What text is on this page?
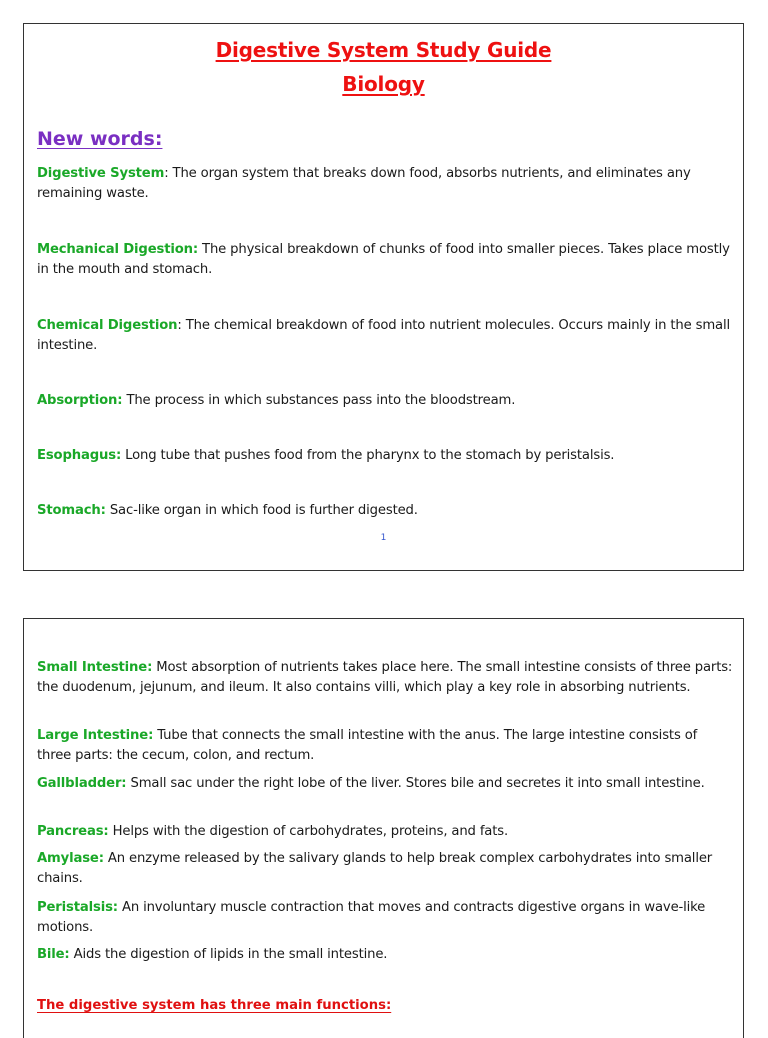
Digestive System Study Guide
Biology
New words:

Digestive System: The organ system that breaks down food, absorbs nutrients, and eliminates any remaining waste.

Mechanical Digestion: The physical breakdown of chunks of food into smaller pieces. Takes place mostly in the mouth and stomach.

Chemical Digestion: The chemical breakdown of food into nutrient molecules. Occurs mainly in the small intestine.

Absorption: The process in which substances pass into the bloodstream.

Esophagus: Long tube that pushes food from the pharynx to the stomach by peristalsis.

Stomach: Sac-like organ in which food is further digested.

1

Small Intestine: Most absorption of nutrients takes place here. The small intestine consists of three parts: the duodenum, jejunum, and ileum. It also contains villi, which play a key role in absorbing nutrients.

Large Intestine: Tube that connects the small intestine with the anus. The large intestine consists of three parts: the cecum, colon, and rectum.

Gallbladder: Small sac under the right lobe of the liver. Stores bile and secretes it into small intestine.

Pancreas: Helps with the digestion of carbohydrates, proteins, and fats.

Amylase: An enzyme released by the salivary glands to help break complex carbohydrates into smaller chains.

Peristalsis: An involuntary muscle contraction that moves and contracts digestive organs in wave-like motions.

Bile: Aids the digestion of lipids in the small intestine.

The digestive system has three main functions:
